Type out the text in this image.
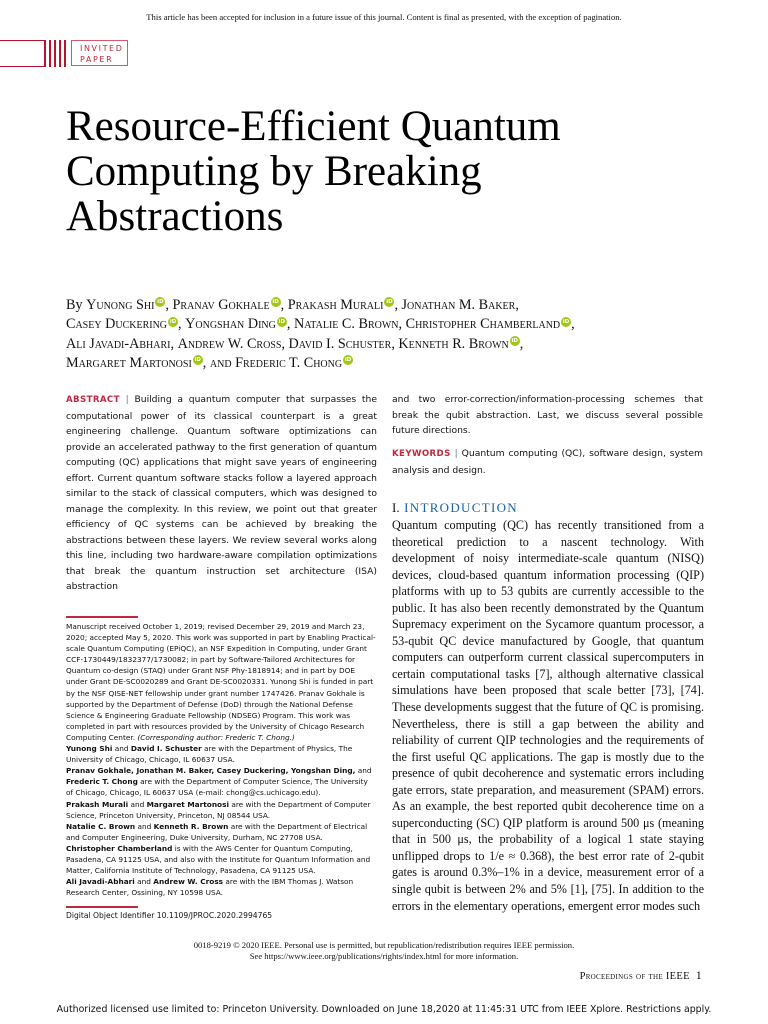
This article has been accepted for inclusion in a future issue of this journal. Content is final as presented, with the exception of pagination.
INVITED
PAPER
Resource-Efficient Quantum Computing by Breaking Abstractions
By Yunong Shi iD , Pranav Gokhale iD , Prakash Murali iD , Jonathan M. Baker,
Casey Duckering iD , Yongshan Ding iD , Natalie C. Brown, Christopher Chamberland iD ,
Ali Javadi-Abhari, Andrew W. Cross, David I. Schuster, Kenneth R. Brown iD ,
Margaret Martonosi iD , and Frederic T. Chong iD
ABSTRACT | Building a quantum computer that surpasses the computational power of its classical counterpart is a great engineering challenge. Quantum software optimizations can provide an accelerated pathway to the first generation of quantum computing (QC) applications that might save years of engineering effort. Current quantum software stacks follow a layered approach similar to the stack of classical computers, which was designed to manage the complexity. In this review, we point out that greater efficiency of QC systems can be achieved by breaking the abstractions between these layers. We review several works along this line, including two hardware-aware compilation optimizations that break the quantum instruction set architecture (ISA) abstraction
and two error-correction/information-processing schemes that break the qubit abstraction. Last, we discuss several possible future directions.
KEYWORDS | Quantum computing (QC), software design, system analysis and design.
I. INTRODUCTION
Quantum computing (QC) has recently transitioned from a theoretical prediction to a nascent technology. With development of noisy intermediate-scale quantum (NISQ) devices, cloud-based quantum information processing (QIP) platforms with up to 53 qubits are currently accessible to the public. It has also been recently demonstrated by the Quantum Supremacy experiment on the Sycamore quantum processor, a 53-qubit QC device manufactured by Google, that quantum computers can outperform current classical supercomputers in certain computational tasks [7], although alternative classical simulations have been proposed that scale better [73], [74]. These developments suggest that the future of QC is promising. Nevertheless, there is still a gap between the ability and reliability of current QIP technologies and the requirements of the first useful QC applications. The gap is mostly due to the presence of qubit decoherence and systematic errors including gate errors, state preparation, and measurement (SPAM) errors. As an example, the best reported qubit decoherence time on a superconducting (SC) QIP platform is around 500 μs (meaning that in 500 μs, the probability of a logical 1 state staying unflipped drops to 1/e ≈ 0.368), the best error rate of 2-qubit gates is around 0.3%–1% in a device, measurement error of a single qubit is between 2% and 5% [1], [75]. In addition to the errors in the elementary operations, emergent error modes such

Manuscript received October 1, 2019; revised December 29, 2019 and March 23, 2020; accepted May 5, 2020. This work was supported in part by Enabling Practical-scale Quantum Computing (EPiQC), an NSF Expedition in Computing, under Grant CCF-1730449/1832377/1730082; in part by Software-Tailored Architectures for Quantum co-design (STAQ) under Grant NSF Phy-1818914; and in part by DOE under Grant DE-SC0020289 and Grant DE-SC0020331. Yunong Shi is funded in part by the NSF QISE-NET fellowship under grant number 1747426. Pranav Gokhale is supported by the Department of Defense (DoD) through the National Defense Science & Engineering Graduate Fellowship (NDSEG) Program. This work was completed in part with resources provided by the University of Chicago Research Computing Center. (Corresponding author: Frederic T. Chong.)

Yunong Shi and David I. Schuster are with the Department of Physics, The University of Chicago, Chicago, IL 60637 USA.

Pranav Gokhale, Jonathan M. Baker, Casey Duckering, Yongshan Ding, and Frederic T. Chong are with the Department of Computer Science, The University of Chicago, Chicago, IL 60637 USA (e-mail: chong@cs.uchicago.edu).

Prakash Murali and Margaret Martonosi are with the Department of Computer Science, Princeton University, Princeton, NJ 08544 USA.

Natalie C. Brown and Kenneth R. Brown are with the Department of Electrical and Computer Engineering, Duke University, Durham, NC 27708 USA.

Christopher Chamberland is with the AWS Center for Quantum Computing, Pasadena, CA 91125 USA, and also with the Institute for Quantum Information and Matter, California Institute of Technology, Pasadena, CA 91125 USA.

Ali Javadi-Abhari and Andrew W. Cross are with the IBM Thomas J. Watson Research Center, Ossining, NY 10598 USA.

Digital Object Identifier 10.1109/JPROC.2020.2994765
0018-9219 © 2020 IEEE. Personal use is permitted, but republication/redistribution requires IEEE permission.
See https://www.ieee.org/publications/rights/index.html for more information.
Proceedings of the IEEE 1
Authorized licensed use limited to: Princeton University. Downloaded on June 18,2020 at 11:45:31 UTC from IEEE Xplore. Restrictions apply.
